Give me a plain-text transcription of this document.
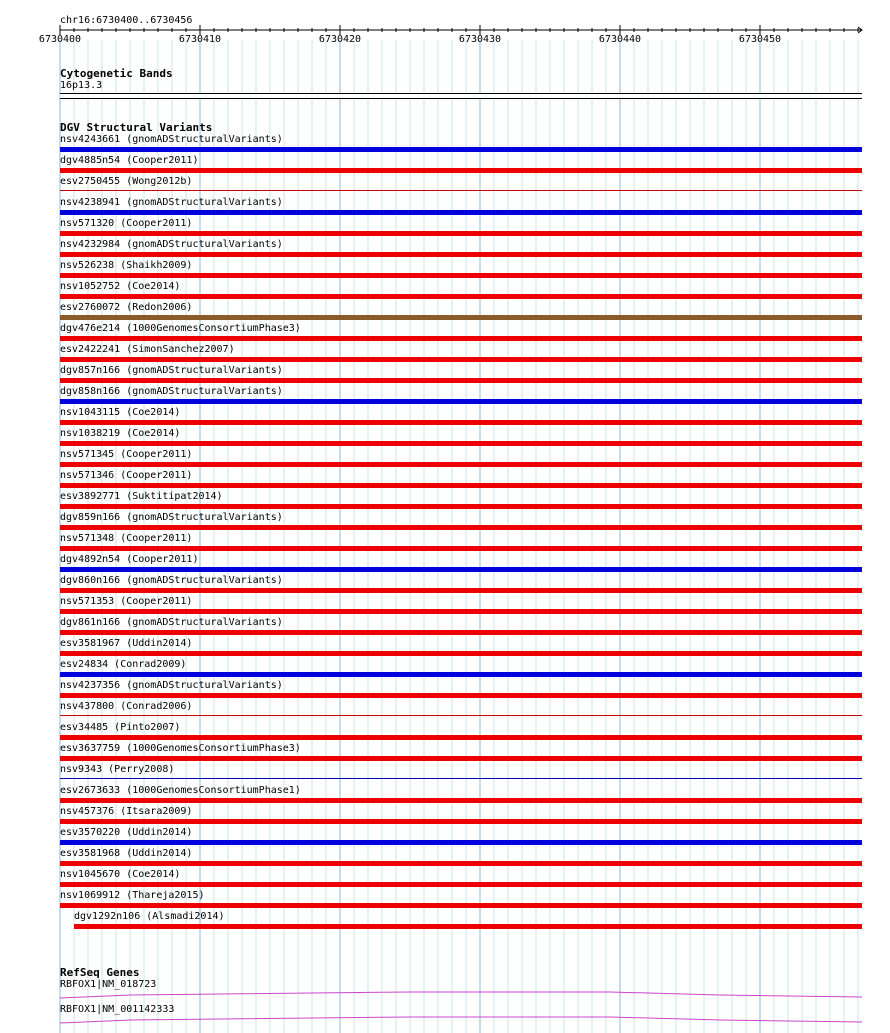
chr16:6730400..6730456
6730400	6730410	6730420	6730430	6730440	6730450
Cytogenetic Bands
16p13.3
DGV Structural Variants
nsv4243661 (gnomADStructuralVariants)
dgv4885n54 (Cooper2011)
esv2750455 (Wong2012b)
nsv4238941 (gnomADStructuralVariants)
nsv571320 (Cooper2011)
nsv4232984 (gnomADStructuralVariants)
nsv526238 (Shaikh2009)
nsv1052752 (Coe2014)
esv2760072 (Redon2006)
dgv476e214 (1000GenomesConsortiumPhase3)
esv2422241 (SimonSanchez2007)
dgv857n166 (gnomADStructuralVariants)
dgv858n166 (gnomADStructuralVariants)
nsv1043115 (Coe2014)
nsv1038219 (Coe2014)
nsv571345 (Cooper2011)
nsv571346 (Cooper2011)
esv3892771 (Suktitipat2014)
dgv859n166 (gnomADStructuralVariants)
nsv571348 (Cooper2011)
dgv4892n54 (Cooper2011)
dgv860n166 (gnomADStructuralVariants)
nsv571353 (Cooper2011)
dgv861n166 (gnomADStructuralVariants)
esv3581967 (Uddin2014)
esv24834 (Conrad2009)
nsv4237356 (gnomADStructuralVariants)
nsv437800 (Conrad2006)
esv34485 (Pinto2007)
esv3637759 (1000GenomesConsortiumPhase3)
nsv9343 (Perry2008)
esv2673633 (1000GenomesConsortiumPhase1)
nsv457376 (Itsara2009)
esv3570220 (Uddin2014)
esv3581968 (Uddin2014)
nsv1045670 (Coe2014)
nsv1069912 (Thareja2015)
dgv1292n106 (Alsmadi2014)
RefSeq Genes
RBFOX1|NM_018723
RBFOX1|NM_001142333
